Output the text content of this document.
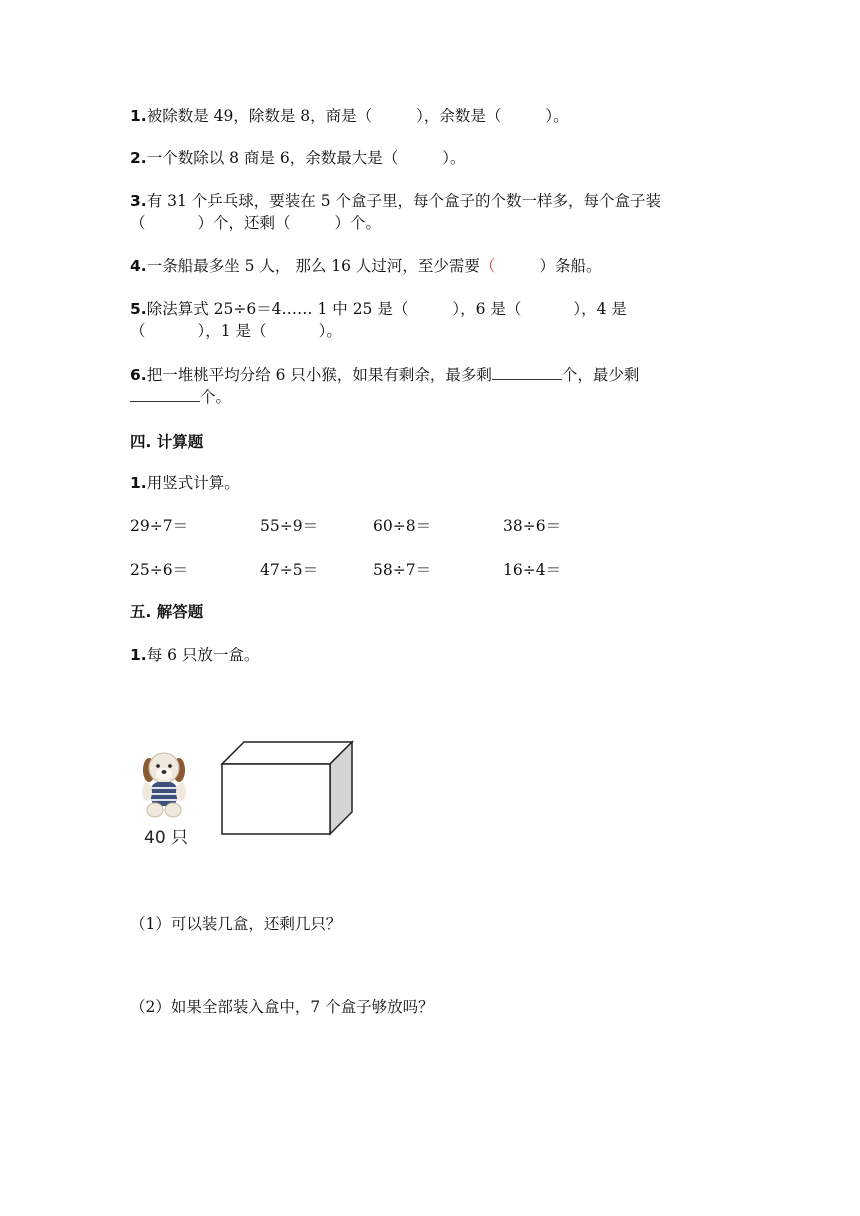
1.被除数是 49，除数是 8，商是（	），余数是（	）。
2.一个数除以 8 商是 6，余数最大是（	）。
3.有 31 个乒乓球，要装在 5 个盒子里，每个盒子的个数一样多，每个盒子装
（	）个，还剩（	）个。
4.一条船最多坐 5 人， 那么 16 人过河，至少需要（	）条船。
5.除法算式 25÷6＝4…… 1 中 25 是（	），6 是（	），4 是
（	），1 是（	）。
6.把一堆桃平均分给 6 只小猴，如果有剩余，最多剩	个，最少剩
个。
四. 计算题
1.用竖式计算。
29÷7＝	55÷9＝	60÷8＝	38÷6＝
25÷6＝	47÷5＝	58÷7＝	16÷4＝
五. 解答题
1.每 6 只放一盒。
40 只
（1）可以装几盒，还剩几只？
（2）如果全部装入盒中，7 个盒子够放吗？
